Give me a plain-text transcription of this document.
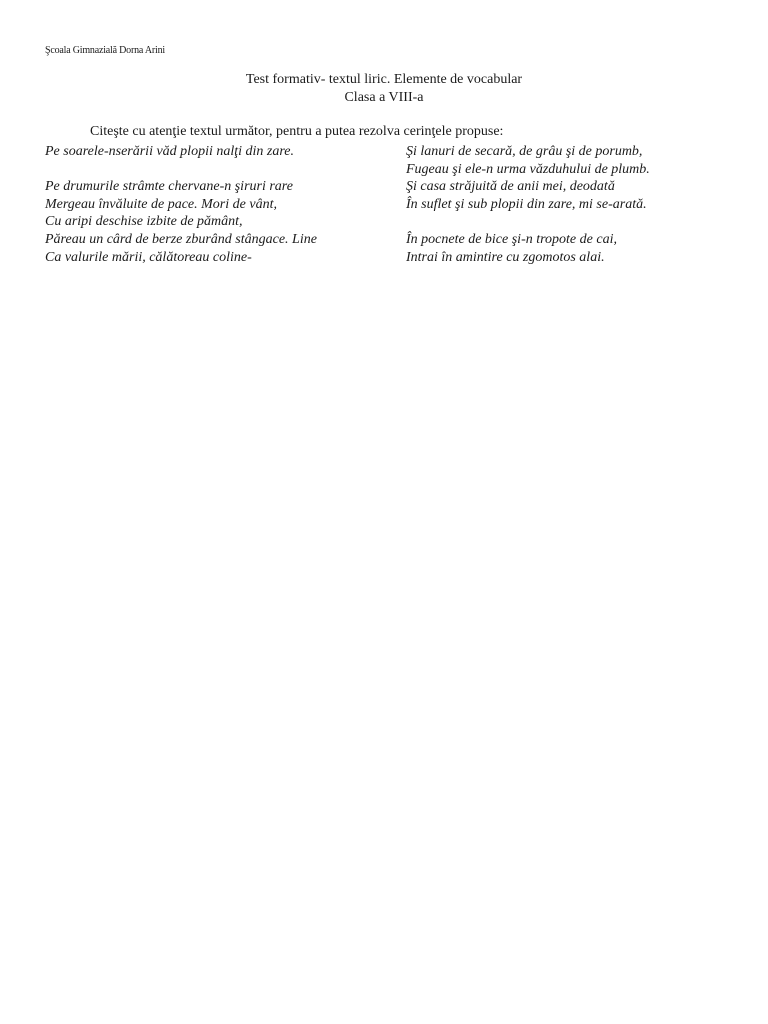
Şcoala Gimnazială Dorna Arini
Test formativ- textul liric. Elemente de vocabular
Clasa a VIII-a
Citeşte cu atenţie textul următor, pentru a putea rezolva cerinţele propuse:
Pe soarele-nserării văd plopii nalţi din zare.
Pe drumurile strâmte chervane-n şiruri rare
Mergeau învăluite de pace. Mori de vânt,
Cu aripi deschise izbite de pământ,
Păreau un cârd de berze zburând stângace. Line
Ca valurile mării, călătoreau coline-
Şi lanuri de secară, de grâu şi de porumb,
Fugeau şi ele-n urma văzduhului de plumb.
Şi casa străjuită de anii mei, deodată
În suflet şi sub plopii din zare, mi se-arată.
În pocnete de bice şi-n tropote de cai,
Intrai în amintire cu zgomotos alai.
